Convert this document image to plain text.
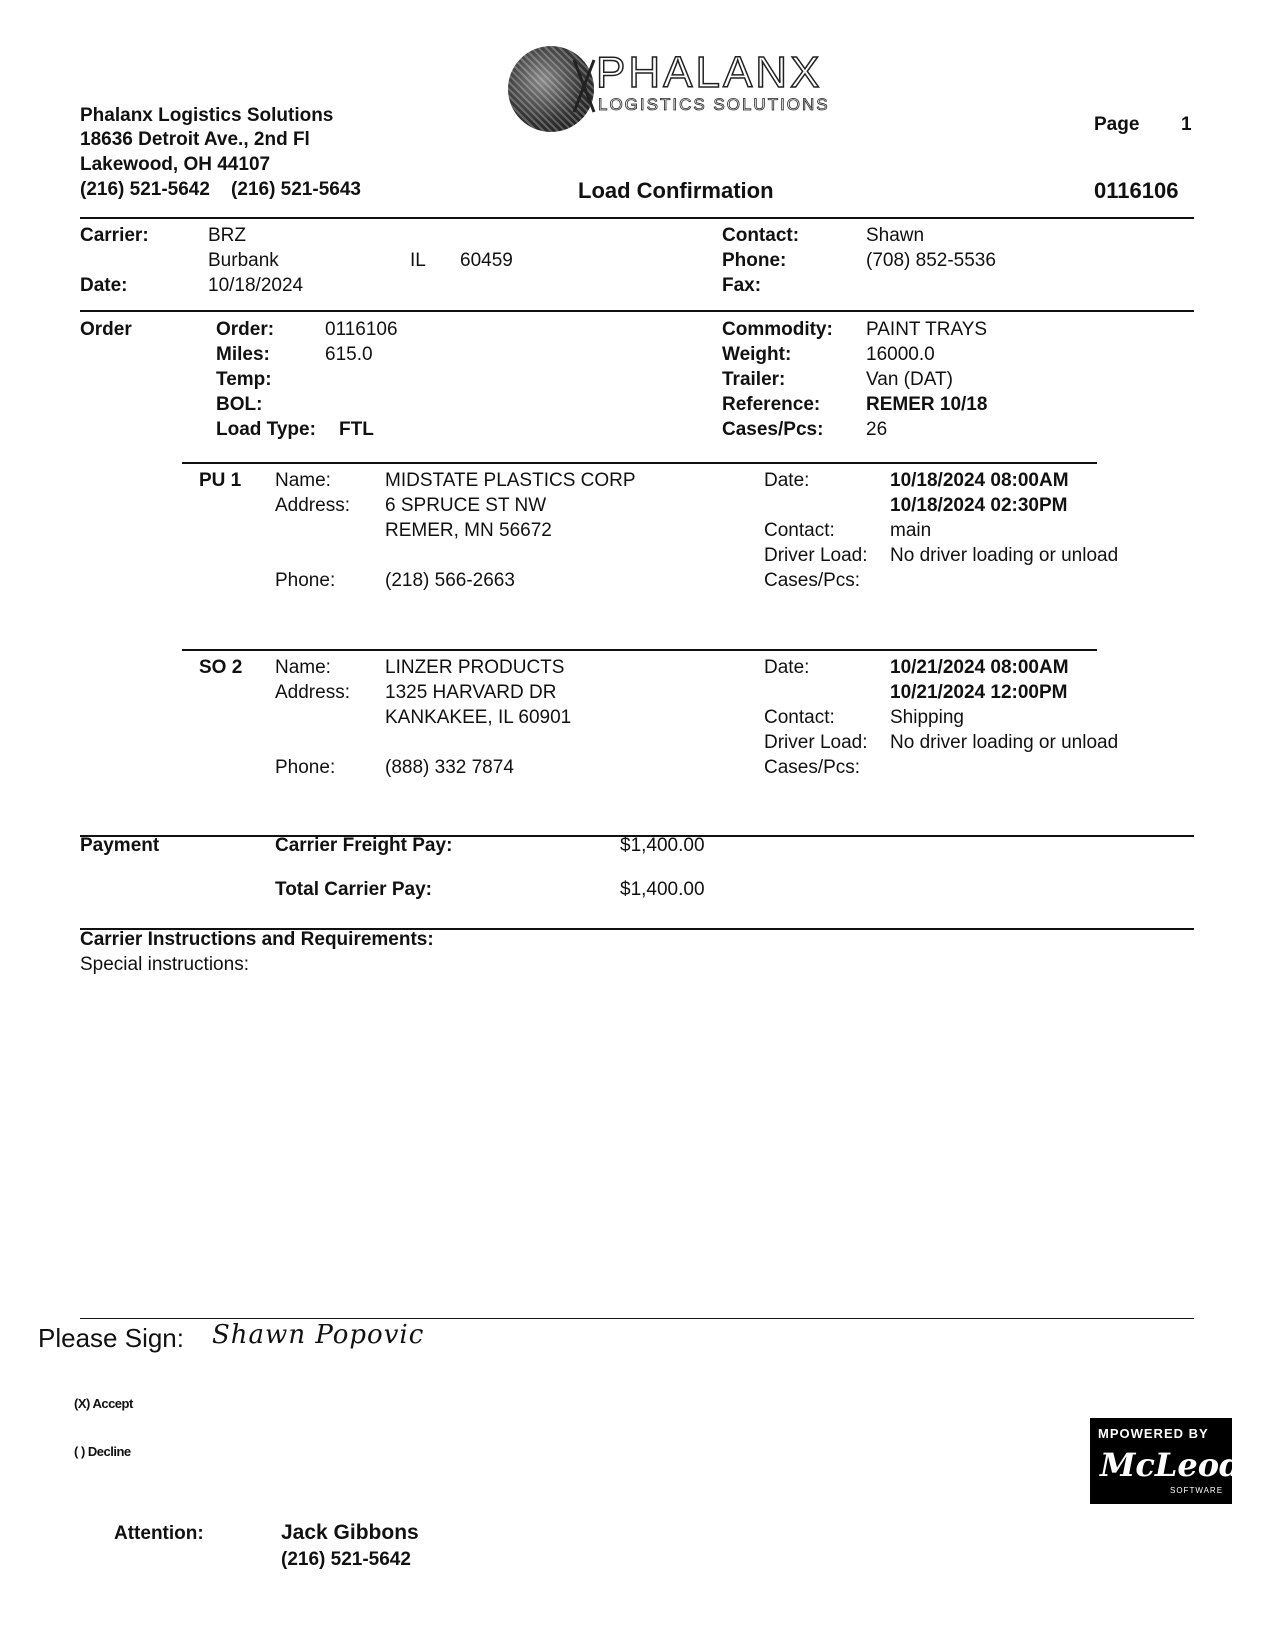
PHALANX
LOGISTICS SOLUTIONS
Phalanx Logistics Solutions
18636 Detroit Ave., 2nd Fl
Lakewood, OH 44107
(216) 521-5642    (216) 521-5643
Page 1
Load Confirmation	0116106
Carrier:	BRZ
Burbank	IL 60459
Date:	10/18/2024
Contact:	Shawn
Phone:	(708) 852-5536
Fax:
Order	Order:	0116106
Miles:	615.0
Temp:
BOL:
Load Type: FTL
Commodity: PAINT TRAYS
Weight:	16000.0
Trailer:	Van (DAT)
Reference: REMER 10/18
Cases/Pcs: 26
PU 1 Name:	MIDSTATE PLASTICS CORP
Address: 6 SPRUCE ST NW
REMER, MN 56672
Phone:	(218) 566-2663
Date:	10/18/2024 08:00AM
10/18/2024 02:30PM
Contact:	main
Driver Load: No driver loading or unload
Cases/Pcs:
SO 2 Name:	LINZER PRODUCTS
Address: 1325 HARVARD DR
KANKAKEE, IL 60901
Phone:	(888) 332 7874
Date:	10/21/2024 08:00AM
10/21/2024 12:00PM
Contact:	Shipping
Driver Load: No driver loading or unload
Cases/Pcs:
Payment	Carrier Freight Pay:	$1,400.00
Total Carrier Pay:	$1,400.00
Carrier Instructions and Requirements:
Special instructions:
Please Sign: Shawn Popovic
(X) Accept
( ) Decline
MPOWERED BY
McLeod
SOFTWARE
Attention:	Jack Gibbons
(216) 521-5642
